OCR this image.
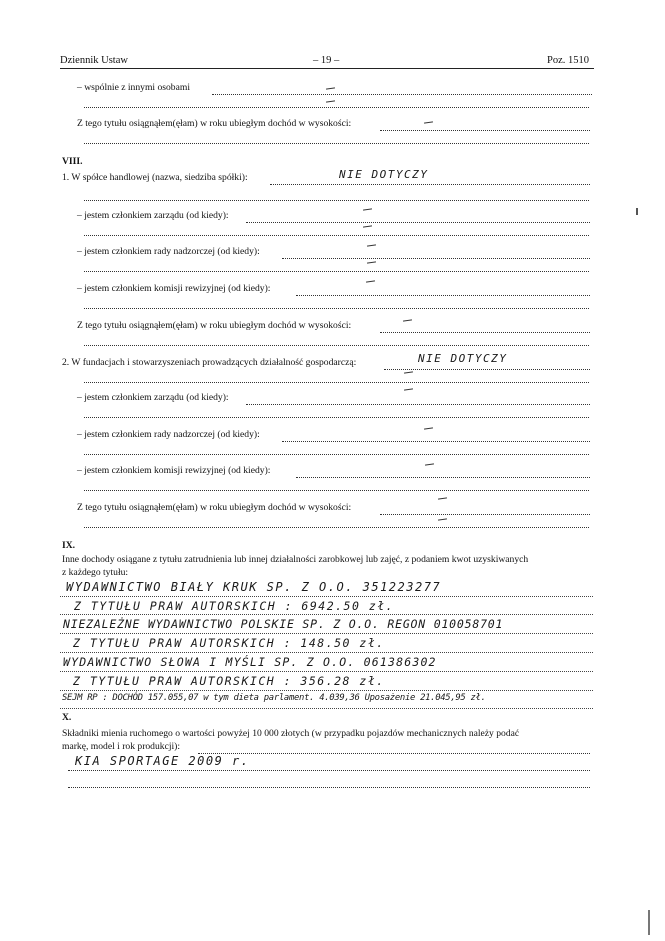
Dziennik Ustaw	– 19 –	Poz. 1510
– wspólnie z innymi osobami
Z tego tytułu osiągnąłem(ęłam) w roku ubiegłym dochód w wysokości:
VIII.
1. W spółce handlowej (nazwa, siedziba spółki):	NIE DOTYCZY
– jestem członkiem zarządu (od kiedy):
– jestem członkiem rady nadzorczej (od kiedy):
– jestem członkiem komisji rewizyjnej (od kiedy):
Z tego tytułu osiągnąłem(ęłam) w roku ubiegłym dochód w wysokości:
2. W fundacjach i stowarzyszeniach prowadzących działalność gospodarczą:	NIE DOTYCZY
– jestem członkiem zarządu (od kiedy):
– jestem członkiem rady nadzorczej (od kiedy):
– jestem członkiem komisji rewizyjnej (od kiedy):
Z tego tytułu osiągnąłem(ęłam) w roku ubiegłym dochód w wysokości:
IX.
Inne dochody osiągane z tytułu zatrudnienia lub innej działalności zarobkowej lub zajęć, z podaniem kwot uzyskiwanych
z każdego tytułu:
WYDAWNICTWO BIAŁY KRUK SP. Z O.O. 351223277
Z TYTUŁU PRAW AUTORSKICH : 6942.50 zł.
NIEZALEŻNE WYDAWNICTWO POLSKIE SP. Z O.O. REGON 010058701
Z TYTUŁU PRAW AUTORSKICH : 148.50 zł.
WYDAWNICTWO SŁOWA I MYŚLI SP. Z O.O. 061386302
Z TYTUŁU PRAW AUTORSKICH : 356.28 zł.
SEJM RP : DOCHÓD 157.055,07 w tym dieta parlament. 4.039,36 Uposażenie 21.045,95 zł.
X.
Składniki mienia ruchomego o wartości powyżej 10 000 złotych (w przypadku pojazdów mechanicznych należy podać
markę, model i rok produkcji):
KIA SPORTAGE 2009 r.
